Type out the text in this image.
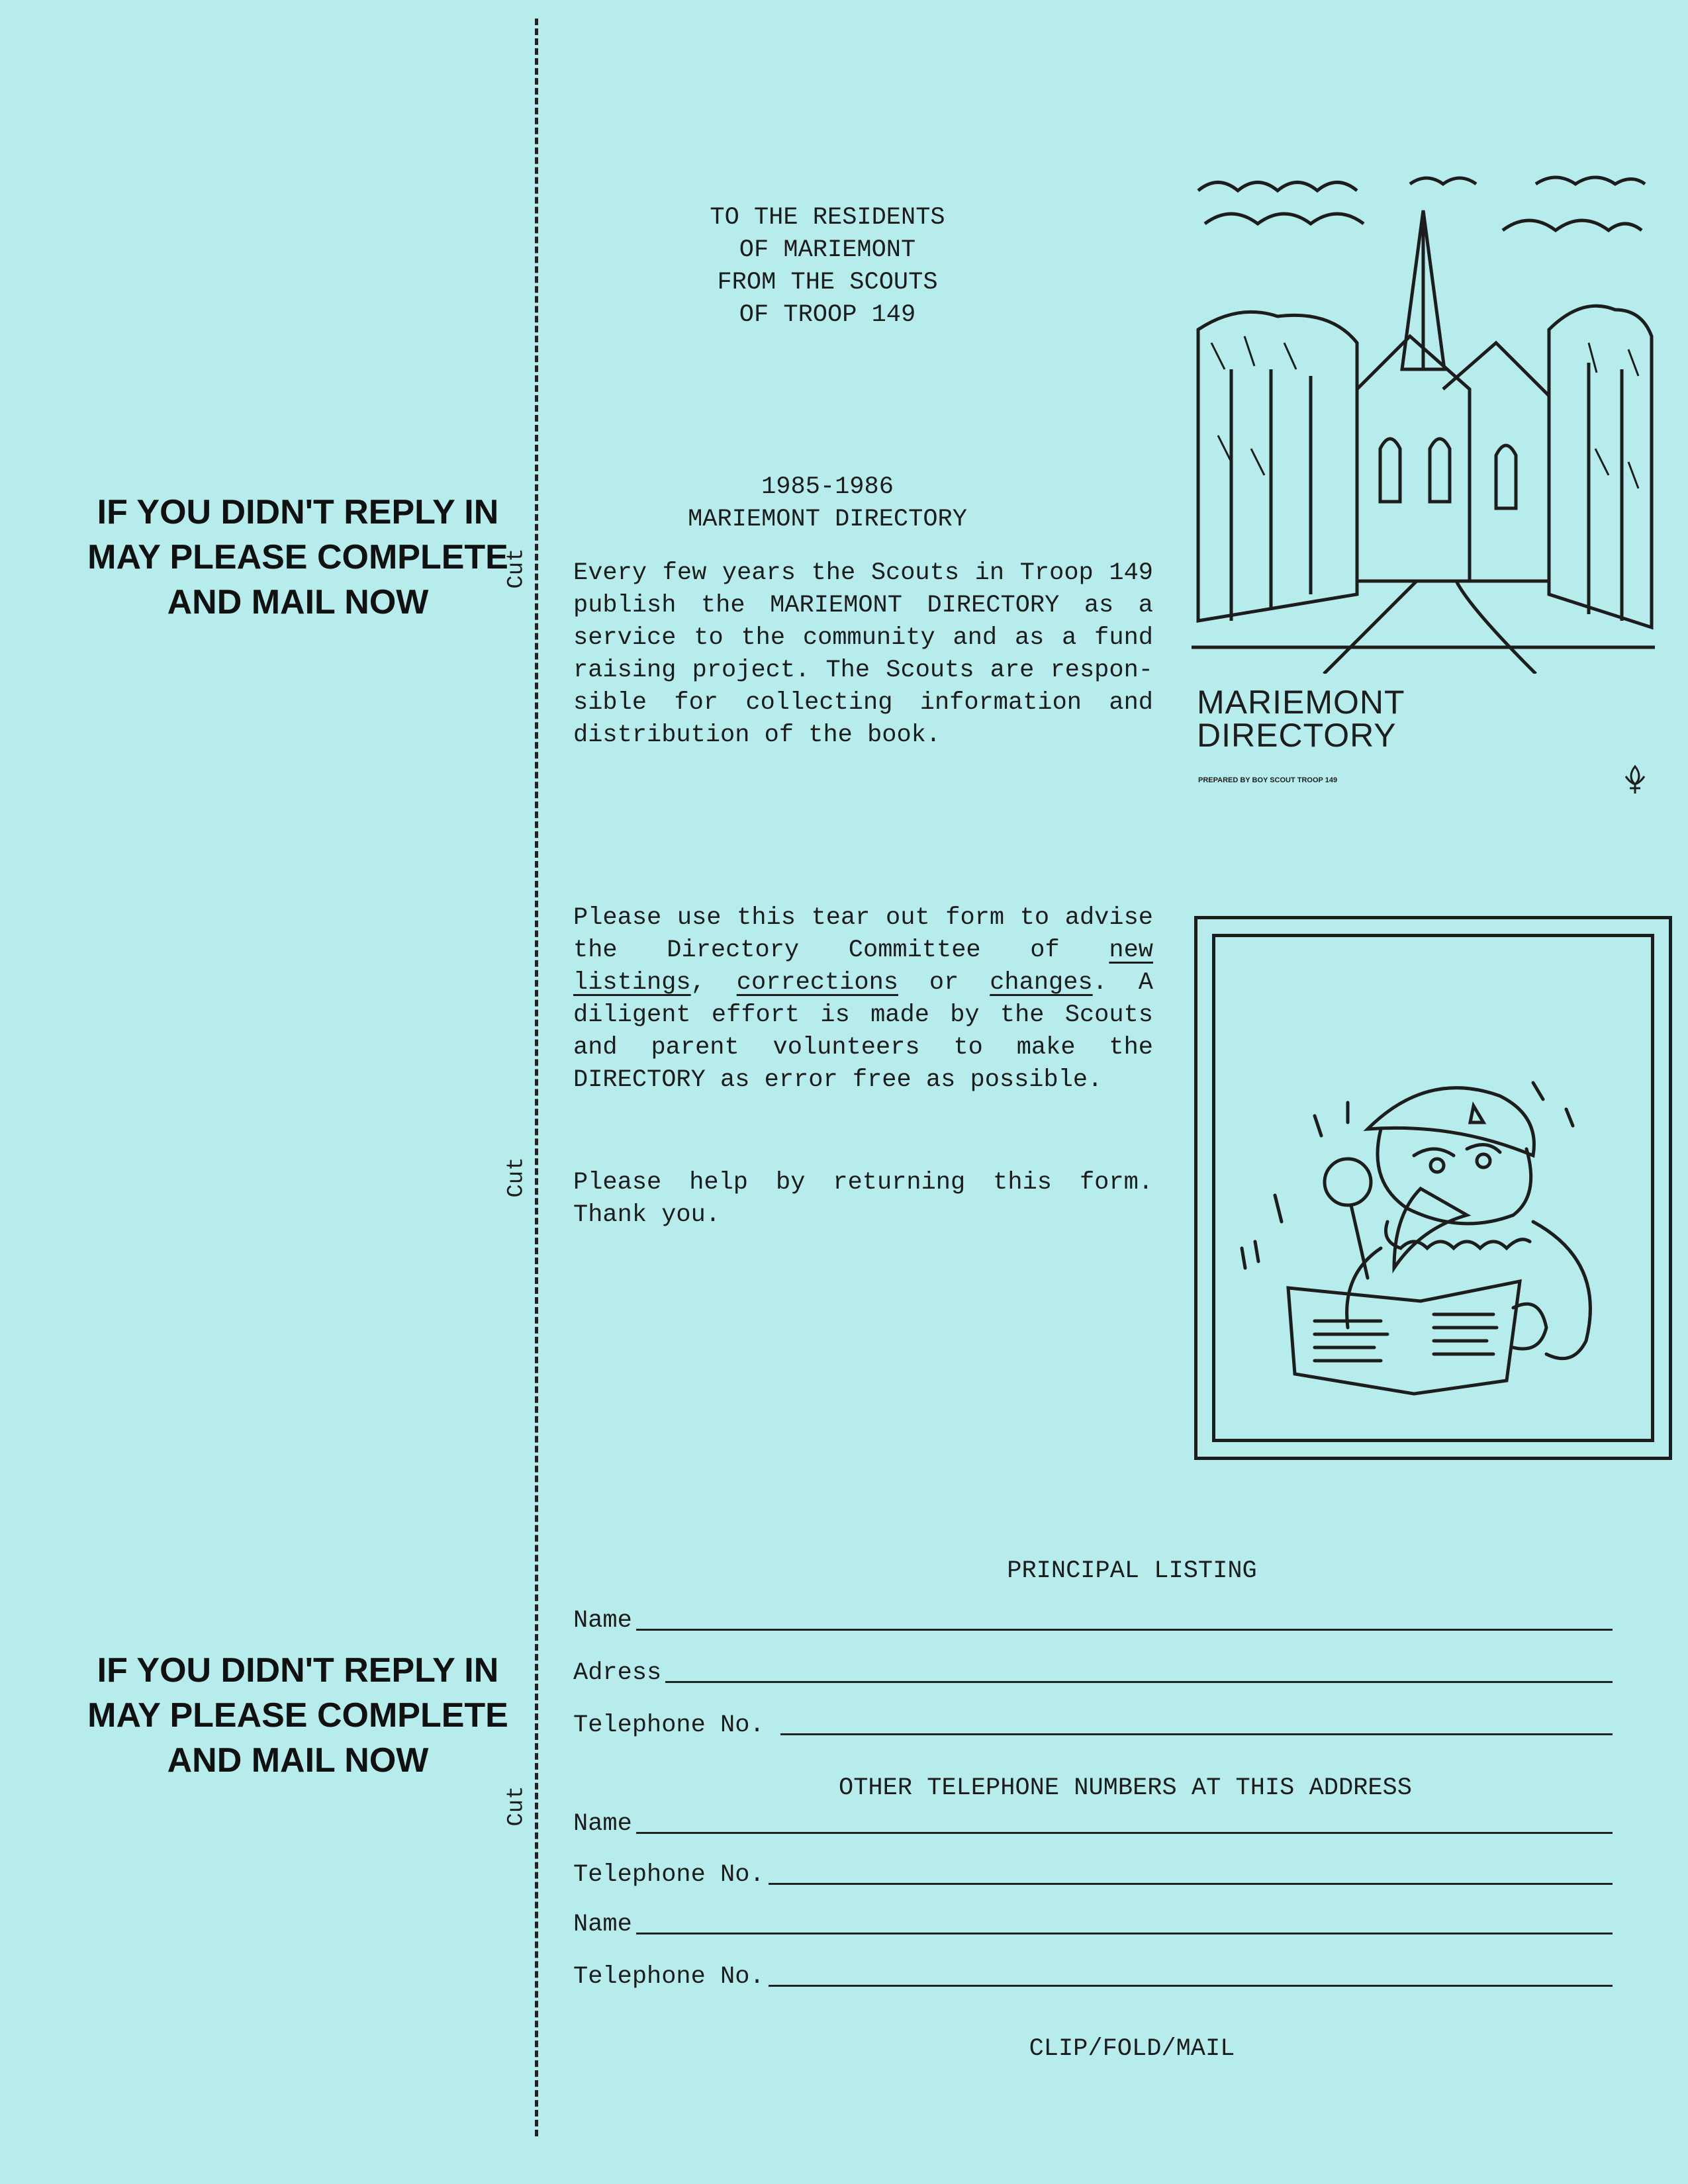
IF YOU DIDN'T REPLY IN MAY PLEASE COMPLETE AND MAIL NOW
IF YOU DIDN'T REPLY IN MAY PLEASE COMPLETE AND MAIL NOW
Cut
Cut
Cut
TO THE RESIDENTS
OF MARIEMONT
FROM THE SCOUTS
OF TROOP 149
1985-1986
MARIEMONT DIRECTORY

Every few years the Scouts in Troop 149 publish the MARIEMONT DIRECTORY as a service to the community and as a fund raising project. The Scouts are respon-sible for collecting information and distribution of the book.

Please use this tear out form to advise the Directory Committee of new listings, corrections or changes. A diligent effort is made by the Scouts and parent volunteers to make the DIRECTORY as error free as possible.

Please help by returning this form. Thank you.

MARIEMONT
DIRECTORY
PREPARED BY BOY SCOUT TROOP 149
PRINCIPAL LISTING
Name
Adress
Telephone No.
OTHER TELEPHONE NUMBERS AT THIS ADDRESS
Name
Telephone No.
Name
Telephone No.
CLIP/FOLD/MAIL
